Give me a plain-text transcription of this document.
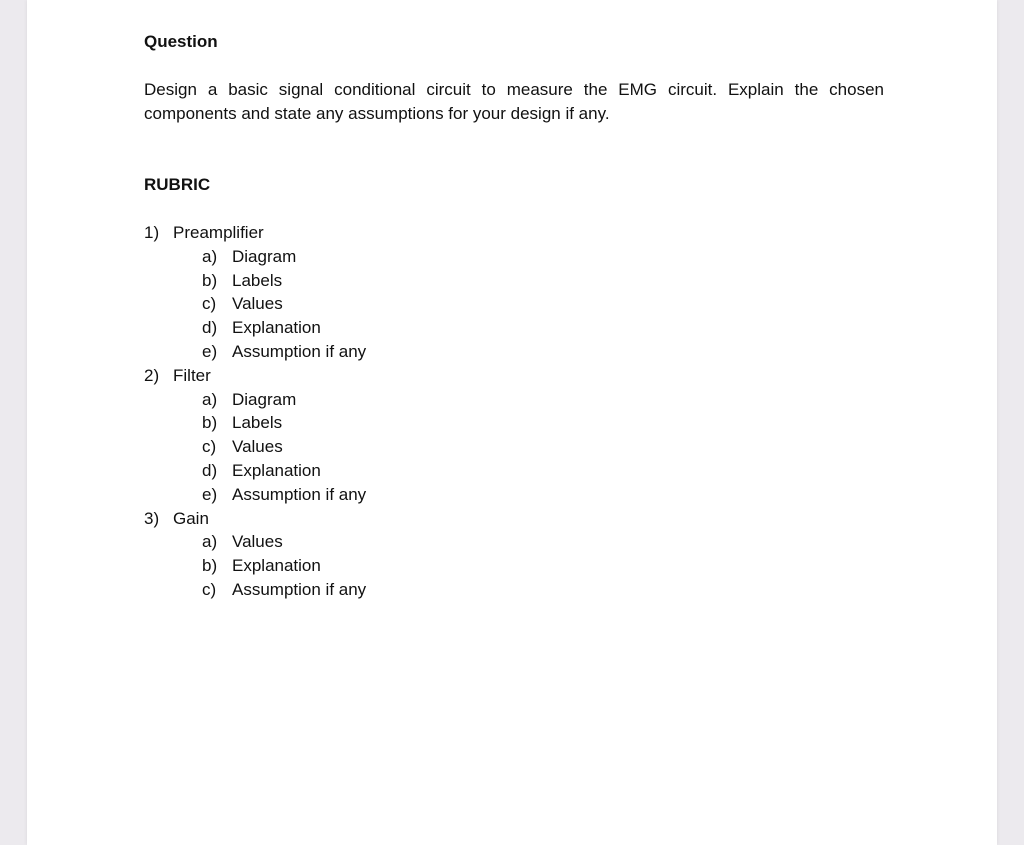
Question

Design a basic signal conditional circuit to measure the EMG circuit. Explain the chosen components and state any assumptions for your design if any.

RUBRIC
1) Preamplifier
a) Diagram
b) Labels
c) Values
d) Explanation
e) Assumption if any
2) Filter
a) Diagram
b) Labels
c) Values
d) Explanation
e) Assumption if any
3) Gain
a) Values
b) Explanation
c) Assumption if any
